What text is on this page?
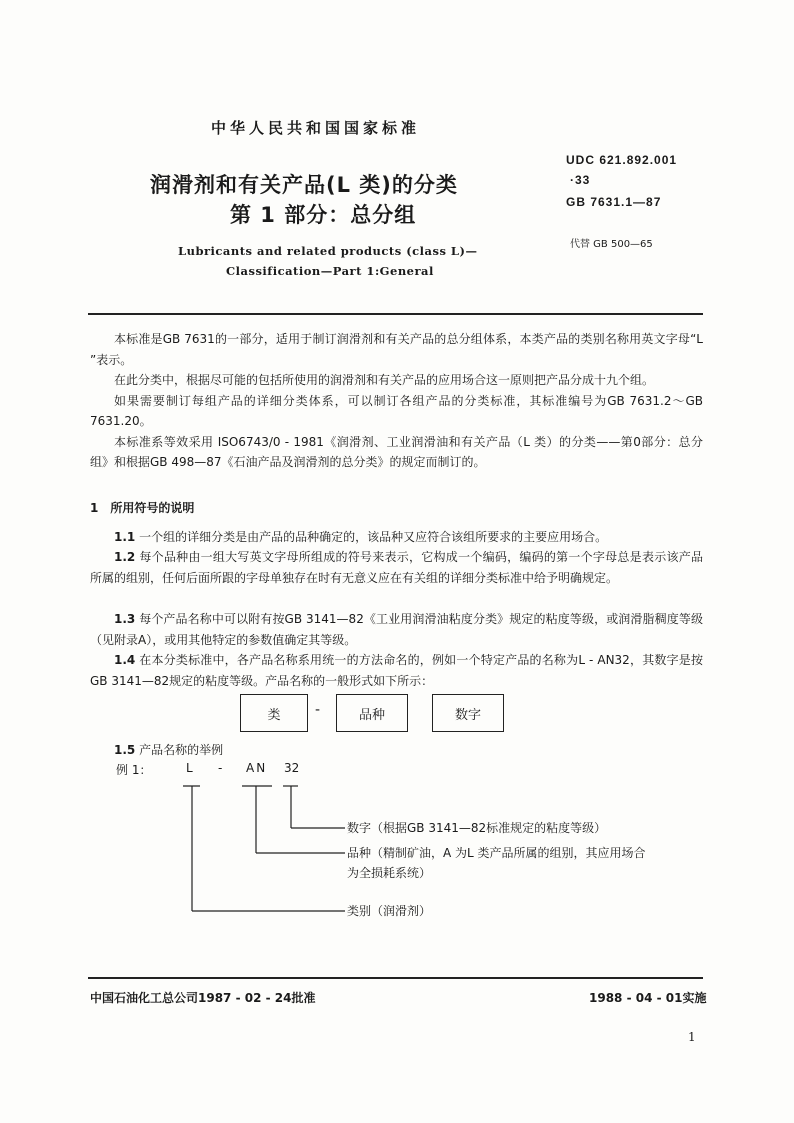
中华人民共和国国家标准
润滑剂和有关产品(L 类)的分类
第 1 部分：总分组
Lubricants and related products (class L)—
Classification—Part 1:General
UDC 621.892.001
·33
GB 7631.1—87
代替 GB 500—65

本标准是GB 7631的一部分，适用于制订润滑剂和有关产品的总分组体系，本类产品的类别名称用英文字母“L ”表示。

在此分类中，根据尽可能的包括所使用的润滑剂和有关产品的应用场合这一原则把产品分成十九个组。

如果需要制订每组产品的详细分类体系，可以制订各组产品的分类标准，其标准编号为GB 7631.2～GB 7631.20。

本标准系等效采用 ISO6743/0 - 1981《润滑剂、工业润滑油和有关产品（L 类）的分类——第0部分：总分组》和根据GB 498—87《石油产品及润滑剂的总分类》的规定而制订的。

1　所用符号的说明
1.1 一个组的详细分类是由产品的品种确定的，该品种又应符合该组所要求的主要应用场合。
1.2 每个品种由一组大写英文字母所组成的符号来表示，它构成一个编码，编码的第一个字母总是表示该产品所属的组别，任何后面所跟的字母单独存在时有无意义应在有关组的详细分类标准中给予明确规定。
1.3 每个产品名称中可以附有按GB 3141—82《工业用润滑油粘度分类》规定的粘度等级，或润滑脂稠度等级（见附录A），或用其他特定的参数值确定其等级。
1.4 在本分类标准中，各产品名称系用统一的方法命名的，例如一个特定产品的名称为L - AN32，其数字是按GB 3141—82规定的粘度等级。产品名称的一般形式如下所示：
类	-	品种	数字
1.5 产品名称的举例
例 1：	L - AN 32
数字（根据GB 3141—82标准规定的粘度等级）
品种（精制矿油，A 为L 类产品所属的组别，其应用场合
为全损耗系统）
类别（润滑剂）
中国石油化工总公司1987 - 02 - 24批准	1988 - 04 - 01实施
1
